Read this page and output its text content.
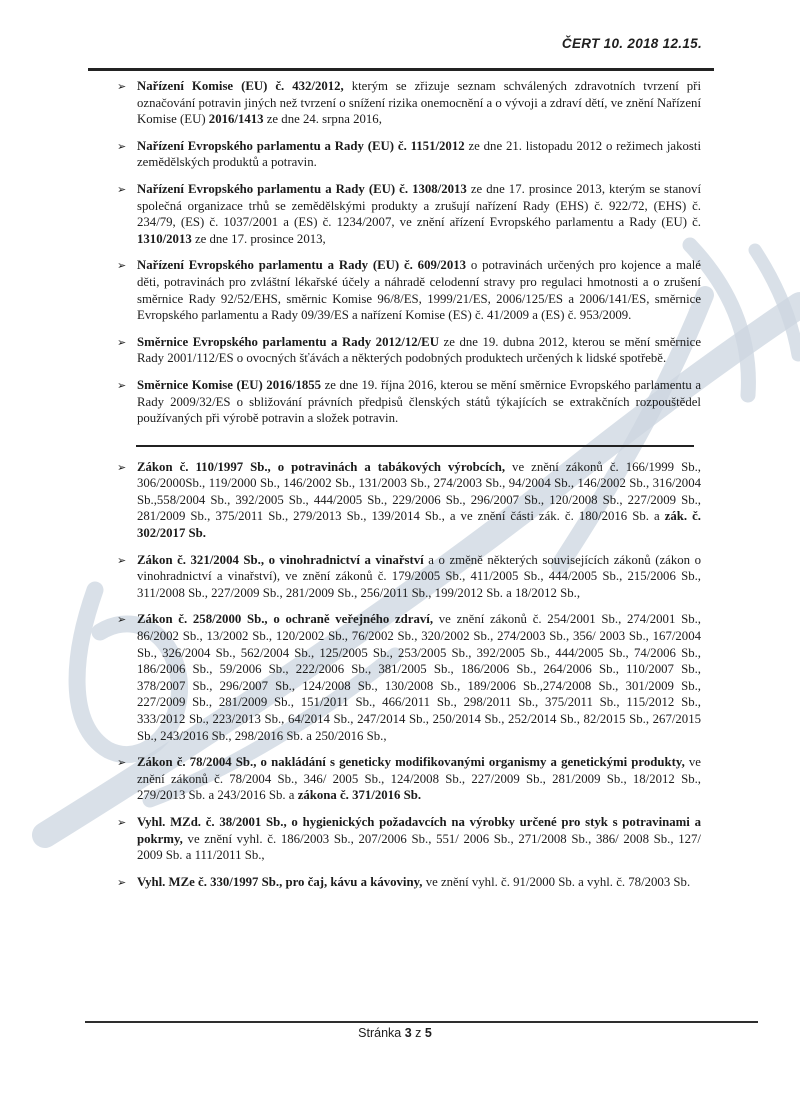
ČERT 10. 2018 12.15.
➢ Nařízení Komise (EU) č. 432/2012, kterým se zřizuje seznam schválených zdravotních tvrzení při označování potravin jiných než tvrzení o snížení rizika onemocnění a o vývoji a zdraví dětí, ve znění Nařízení Komise (EU) 2016/1413 ze dne 24. srpna 2016,
➢ Nařízení Evropského parlamentu a Rady (EU) č. 1151/2012 ze dne 21. listopadu 2012 o režimech jakosti zemědělských produktů a potravin.
➢ Nařízení Evropského parlamentu a Rady (EU) č. 1308/2013 ze dne 17. prosince 2013, kterým se stanoví společná organizace trhů se zemědělskými produkty a zrušují nařízení Rady (EHS) č. 922/72, (EHS) č. 234/79, (ES) č. 1037/2001 a (ES) č. 1234/2007, ve znění ařízení Evropského parlamentu a Rady (EU) č. 1310/2013 ze dne 17. prosince 2013,
➢ Nařízení Evropského parlamentu a Rady (EU) č. 609/2013 o potravinách určených pro kojence a malé děti, potravinách pro zvláštní lékařské účely a náhradě celodenní stravy pro regulaci hmotnosti a o zrušení směrnice Rady 92/52/EHS, směrnic Komise 96/8/ES, 1999/21/ES, 2006/125/ES a 2006/141/ES, směrnice Evropského parlamentu a Rady 09/39/ES a nařízení Komise (ES) č. 41/2009 a (ES) č. 953/2009.
➢ Směrnice Evropského parlamentu a Rady 2012/12/EU ze dne 19. dubna 2012, kterou se mění směrnice Rady 2001/112/ES o ovocných šťávách a některých podobných produktech určených k lidské spotřebě.
➢ Směrnice Komise (EU) 2016/1855 ze dne 19. října 2016, kterou se mění směrnice Evropského parlamentu a Rady 2009/32/ES o sbližování právních předpisů členských států týkajících se extrakčních rozpouštědel používaných při výrobě potravin a složek potravin.
➢ Zákon č. 110/1997 Sb., o potravinách a tabákových výrobcích, ve znění zákonů č. 166/1999 Sb., 306/2000Sb., 119/2000 Sb., 146/2002 Sb., 131/2003 Sb., 274/2003 Sb., 94/2004 Sb., 146/2002 Sb., 316/2004 Sb.,558/2004 Sb., 392/2005 Sb., 444/2005 Sb., 229/2006 Sb., 296/2007 Sb., 120/2008 Sb., 227/2009 Sb., 281/2009 Sb., 375/2011 Sb., 279/2013 Sb., 139/2014 Sb., a ve znění části zák. č. 180/2016 Sb. a zák. č. 302/2017 Sb.
➢ Zákon č. 321/2004 Sb., o vinohradnictví a vinařství a o změně některých souvisejících zákonů (zákon o vinohradnictví a vinařství), ve znění zákonů č. 179/2005 Sb., 411/2005 Sb., 444/2005 Sb., 215/2006 Sb., 311/2008 Sb., 227/2009 Sb., 281/2009 Sb., 256/2011 Sb., 199/2012 Sb. a 18/2012 Sb.,
➢ Zákon č. 258/2000 Sb., o ochraně veřejného zdraví, ve znění zákonů č. 254/2001 Sb., 274/2001 Sb., 86/2002 Sb., 13/2002 Sb., 120/2002 Sb., 76/2002 Sb., 320/2002 Sb., 274/2003 Sb., 356/ 2003 Sb., 167/2004 Sb., 326/2004 Sb., 562/2004 Sb., 125/2005 Sb., 253/2005 Sb., 392/2005 Sb., 444/2005 Sb., 74/2006 Sb., 186/2006 Sb., 59/2006 Sb., 222/2006 Sb., 381/2005 Sb., 186/2006 Sb., 264/2006 Sb., 110/2007 Sb., 378/2007 Sb., 296/2007 Sb., 124/2008 Sb., 130/2008 Sb., 189/2006 Sb.,274/2008 Sb., 301/2009 Sb., 227/2009 Sb., 281/2009 Sb., 151/2011 Sb., 466/2011 Sb., 298/2011 Sb., 375/2011 Sb., 115/2012 Sb., 333/2012 Sb., 223/2013 Sb., 64/2014 Sb., 247/2014 Sb., 250/2014 Sb., 252/2014 Sb., 82/2015 Sb., 267/2015 Sb., 243/2016 Sb., 298/2016 Sb. a 250/2016 Sb.,
➢ Zákon č. 78/2004 Sb., o nakládání s geneticky modifikovanými organismy a genetickými produkty, ve znění zákonů č. 78/2004 Sb., 346/ 2005 Sb., 124/2008 Sb., 227/2009 Sb., 281/2009 Sb., 18/2012 Sb., 279/2013 Sb. a 243/2016 Sb. a zákona č. 371/2016 Sb.
➢ Vyhl. MZd. č. 38/2001 Sb., o hygienických požadavcích na výrobky určené pro styk s potravinami a pokrmy, ve znění vyhl. č. 186/2003 Sb., 207/2006 Sb., 551/ 2006 Sb., 271/2008 Sb., 386/ 2008 Sb., 127/ 2009 Sb. a 111/2011 Sb.,
➢ Vyhl. MZe č. 330/1997 Sb., pro čaj, kávu a kávoviny, ve znění vyhl. č. 91/2000 Sb. a vyhl. č. 78/2003 Sb.
Stránka 3 z 5
